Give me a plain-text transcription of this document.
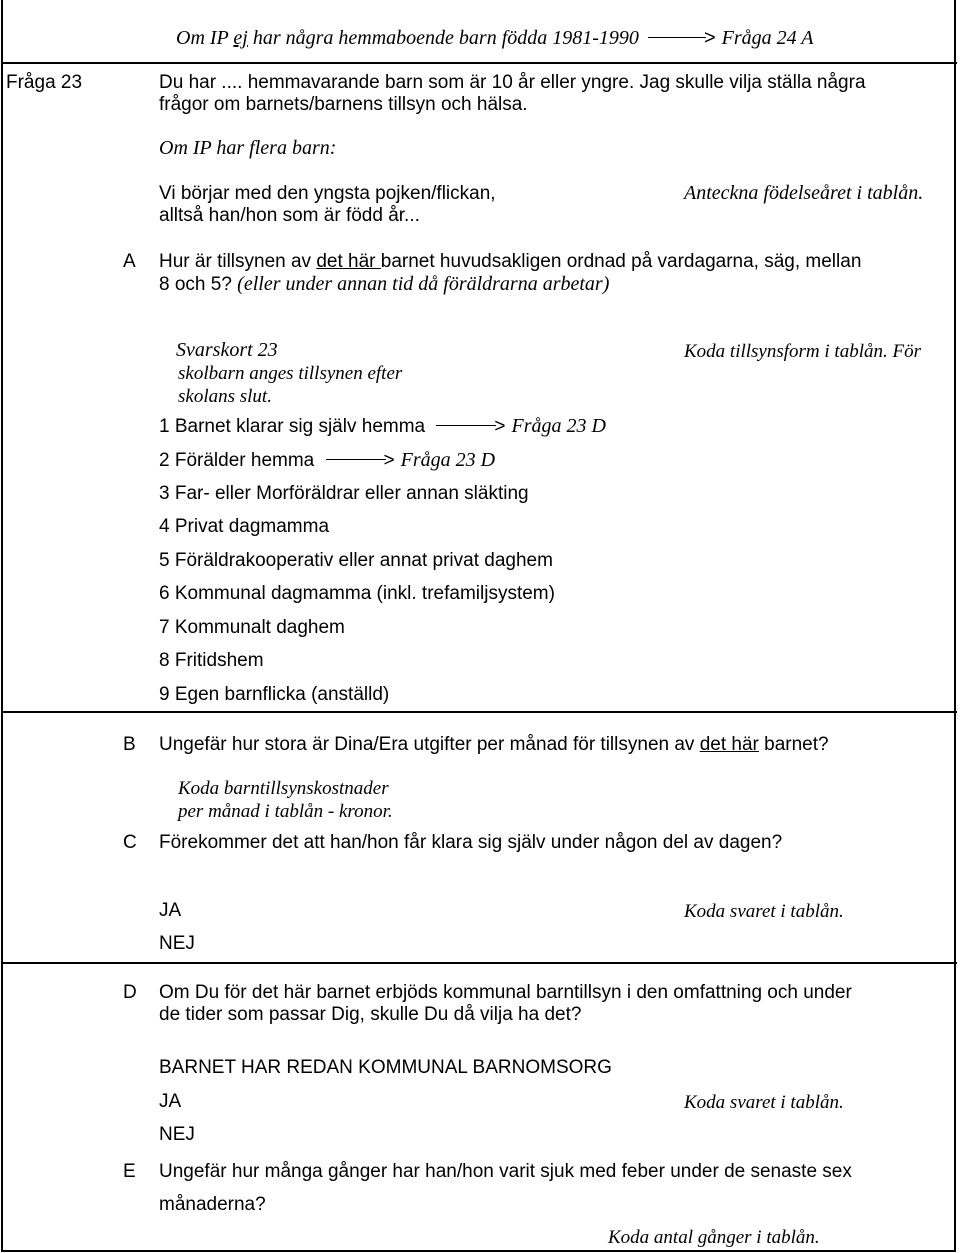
Om IP ej har några hemmaboende barn födda 1981-1990	> Fråga 24 A
Fråga 23	Du har .... hemmavarande barn som är 10 år eller yngre. Jag skulle vilja ställa några
frågor om barnets/barnens tillsyn och hälsa.
Om IP har flera barn:
Vi börjar med den yngsta pojken/flickan,
alltså han/hon som är född år...
Anteckna födelseåret i tablån.
A Hur är tillsynen av det här barnet huvudsakligen ordnad på vardagarna, säg, mellan
8 och 5? (eller under annan tid då föräldrarna arbetar)
Svarskort 23
skolbarn anges tillsynen efter
skolans slut.
Koda tillsynsform i tablån. För
1 Barnet klarar sig själv hemma	> Fråga 23 D
2 Förälder hemma	> Fråga 23 D
3 Far- eller Morföräldrar eller annan släkting
4 Privat dagmamma
5 Föräldrakooperativ eller annat privat daghem
6 Kommunal dagmamma (inkl. trefamiljsystem)
7 Kommunalt daghem
8 Fritidshem
9 Egen barnflicka (anställd)
B Ungefär hur stora är Dina/Era utgifter per månad för tillsynen av det här barnet?
Koda barntillsynskostnader
per månad i tablån - kronor.
C Förekommer det att han/hon får klara sig själv under någon del av dagen?
JA
NEJ
Koda svaret i tablån.
D Om Du för det här barnet erbjöds kommunal barntillsyn i den omfattning och under
de tider som passar Dig, skulle Du då vilja ha det?
BARNET HAR REDAN KOMMUNAL BARNOMSORG
JA
NEJ
Koda svaret i tablån.
E Ungefär hur många gånger har han/hon varit sjuk med feber under de senaste sex
månaderna?
Koda antal gånger i tablån.
